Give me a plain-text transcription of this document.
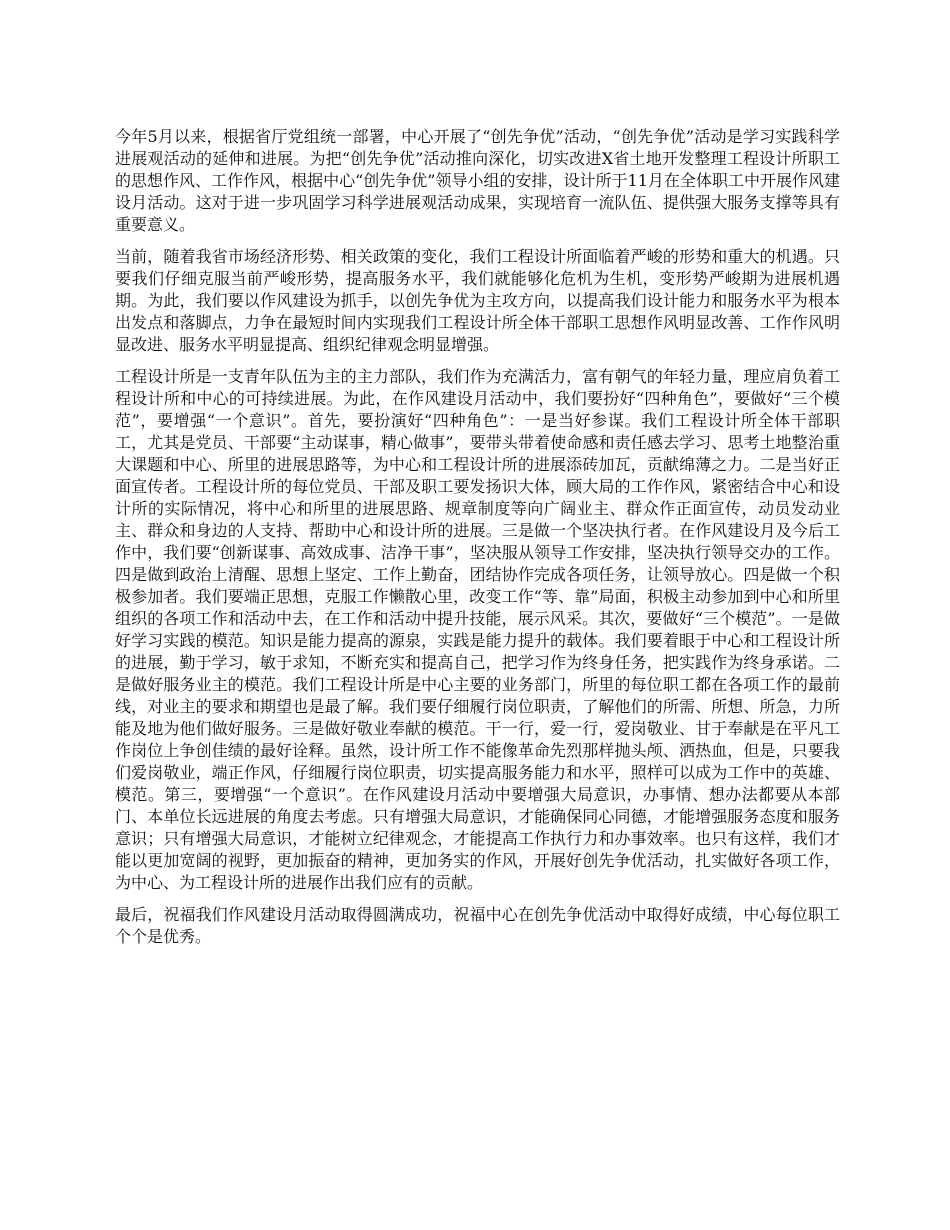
今年5月以来，根据省厅党组统一部署，中心开展了“创先争优”活动，“创先争优”活动是学习实践科学进展观活动的延伸和进展。为把“创先争优”活动推向深化，切实改进X省土地开发整理工程设计所职工的思想作风、工作作风，根据中心“创先争优”领导小组的安排，设计所于11月在全体职工中开展作风建设月活动。这对于进一步巩固学习科学进展观活动成果，实现培育一流队伍、提供强大服务支撑等具有重要意义。

当前，随着我省市场经济形势、相关政策的变化，我们工程设计所面临着严峻的形势和重大的机遇。只要我们仔细克服当前严峻形势，提高服务水平，我们就能够化危机为生机，变形势严峻期为进展机遇期。为此，我们要以作风建设为抓手，以创先争优为主攻方向，以提高我们设计能力和服务水平为根本出发点和落脚点，力争在最短时间内实现我们工程设计所全体干部职工思想作风明显改善、工作作风明显改进、服务水平明显提高、组织纪律观念明显增强。

工程设计所是一支青年队伍为主的主力部队，我们作为充满活力，富有朝气的年轻力量，理应肩负着工程设计所和中心的可持续进展。为此，在作风建设月活动中，我们要扮好“四种角色”，要做好“三个模范”，要增强“一个意识”。首先，要扮演好“四种角色”：一是当好参谋。我们工程设计所全体干部职工，尤其是党员、干部要“主动谋事，精心做事”，要带头带着使命感和责任感去学习、思考土地整治重大课题和中心、所里的进展思路等，为中心和工程设计所的进展添砖加瓦，贡献绵薄之力。二是当好正面宣传者。工程设计所的每位党员、干部及职工要发扬识大体，顾大局的工作作风，紧密结合中心和设计所的实际情况，将中心和所里的进展思路、规章制度等向广阔业主、群众作正面宣传，动员发动业主、群众和身边的人支持、帮助中心和设计所的进展。三是做一个坚决执行者。在作风建设月及今后工作中，我们要“创新谋事、高效成事、洁净干事”，坚决服从领导工作安排，坚决执行领导交办的工作。四是做到政治上清醒、思想上坚定、工作上勤奋，团结协作完成各项任务，让领导放心。四是做一个积极参加者。我们要端正思想，克服工作懒散心里，改变工作“等、靠”局面，积极主动参加到中心和所里组织的各项工作和活动中去，在工作和活动中提升技能，展示风采。其次，要做好“三个模范”。一是做好学习实践的模范。知识是能力提高的源泉，实践是能力提升的载体。我们要着眼于中心和工程设计所的进展，勤于学习，敏于求知，不断充实和提高自己，把学习作为终身任务，把实践作为终身承诺。二是做好服务业主的模范。我们工程设计所是中心主要的业务部门，所里的每位职工都在各项工作的最前线，对业主的要求和期望也是最了解。我们要仔细履行岗位职责，了解他们的所需、所想、所急，力所能及地为他们做好服务。三是做好敬业奉献的模范。干一行，爱一行，爱岗敬业、甘于奉献是在平凡工作岗位上争创佳绩的最好诠释。虽然，设计所工作不能像革命先烈那样抛头颅、洒热血，但是，只要我们爱岗敬业，端正作风，仔细履行岗位职责，切实提高服务能力和水平，照样可以成为工作中的英雄、模范。第三，要增强“一个意识”。在作风建设月活动中要增强大局意识，办事情、想办法都要从本部门、本单位长远进展的角度去考虑。只有增强大局意识，才能确保同心同德，才能增强服务态度和服务意识；只有增强大局意识，才能树立纪律观念，才能提高工作执行力和办事效率。也只有这样，我们才能以更加宽阔的视野，更加振奋的精神，更加务实的作风，开展好创先争优活动，扎实做好各项工作，为中心、为工程设计所的进展作出我们应有的贡献。

最后，祝福我们作风建设月活动取得圆满成功，祝福中心在创先争优活动中取得好成绩，中心每位职工个个是优秀。
